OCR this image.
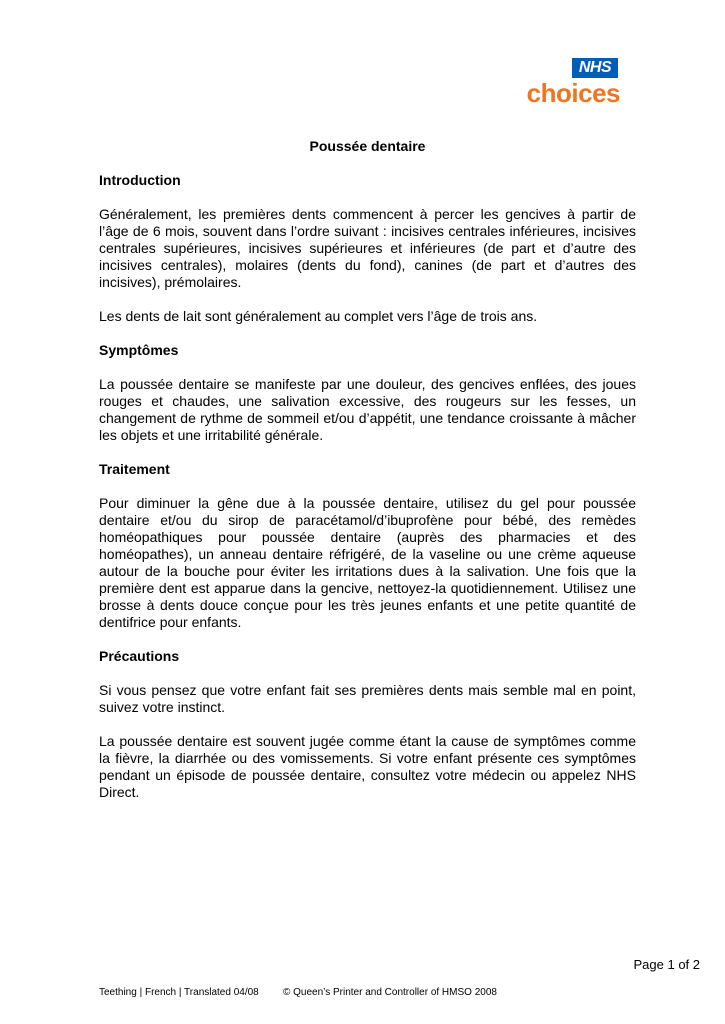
NHS
choices
Poussée dentaire
Introduction
Généralement, les premières dents commencent à percer les gencives à partir de l’âge de 6 mois, souvent dans l’ordre suivant : incisives centrales inférieures, incisives centrales supérieures, incisives supérieures et inférieures (de part et d’autre des incisives centrales), molaires (dents du fond), canines (de part et d’autres des incisives), prémolaires.
Les dents de lait sont généralement au complet vers l’âge de trois ans.
Symptômes
La poussée dentaire se manifeste par une douleur, des gencives enflées, des joues rouges et chaudes, une salivation excessive, des rougeurs sur les fesses, un changement de rythme de sommeil et/ou d’appétit, une tendance croissante à mâcher les objets et une irritabilité générale.
Traitement
Pour diminuer la gêne due à la poussée dentaire, utilisez du gel pour poussée dentaire et/ou du sirop de paracétamol/d’ibuprofène pour bébé, des remèdes homéopathiques pour poussée dentaire (auprès des pharmacies et des homéopathes), un anneau dentaire réfrigéré, de la vaseline ou une crème aqueuse autour de la bouche pour éviter les irritations dues à la salivation. Une fois que la première dent est apparue dans la gencive, nettoyez-la quotidiennement. Utilisez une brosse à dents douce conçue pour les très jeunes enfants et une petite quantité de dentifrice pour enfants.
Précautions
Si vous pensez que votre enfant fait ses premières dents mais semble mal en point, suivez votre instinct.
La poussée dentaire est souvent jugée comme étant la cause de symptômes comme la fièvre, la diarrhée ou des vomissements. Si votre enfant présente ces symptômes pendant un épisode de poussée dentaire, consultez votre médecin ou appelez NHS Direct.
Page 1 of 2
Teething | French | Translated 04/08 © Queen’s Printer and Controller of HMSO 2008
